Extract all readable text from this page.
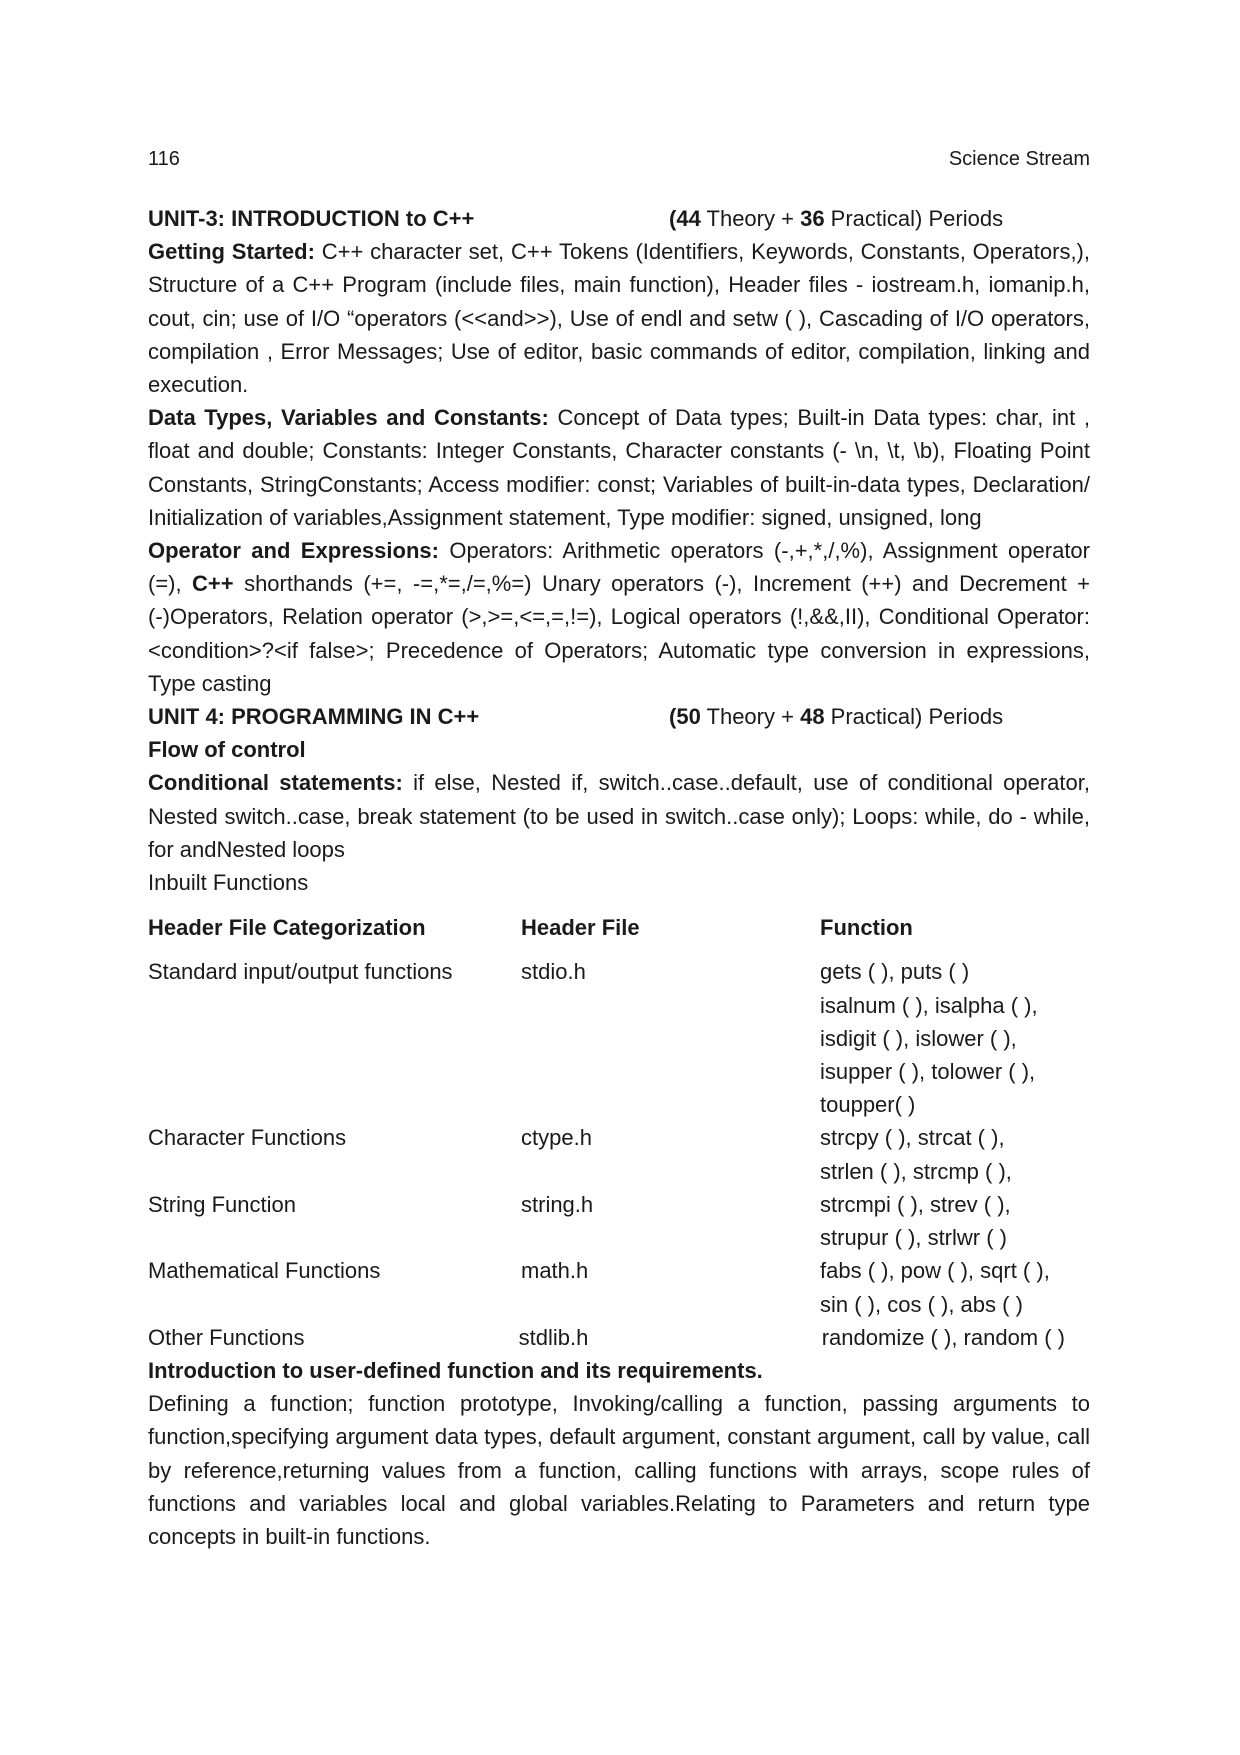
116	Science Stream
UNIT-3: INTRODUCTION to C++	(44 Theory + 36 Practical) Periods

Getting Started: C++ character set, C++ Tokens (Identifiers, Keywords, Constants, Operators,), Structure of a C++ Program (include files, main function), Header files - iostream.h, iomanip.h, cout, cin; use of I/O “operators (<<and>>), Use of endl and setw ( ), Cascading of I/O operators, compilation , Error Messages; Use of editor, basic commands of editor, compilation, linking and execution.

Data Types, Variables and Constants: Concept of Data types; Built-in Data types: char, int , float and double; Constants: Integer Constants, Character constants (- \n, \t, \b), Floating Point Constants, StringConstants; Access modifier: const; Variables of built-in-data types, Declaration/ Initialization of variables,Assignment statement, Type modifier: signed, unsigned, long

Operator and Expressions: Operators: Arithmetic operators (-,+,*,/,%), Assignment operator (=), C++ shorthands (+=, -=,*=,/=,%=) Unary operators (-), Increment (++) and Decrement +(-)Operators, Relation operator (>,>=,<=,=,!=), Logical operators (!,&&,II), Conditional Operator: <condition>?<if false>; Precedence of Operators; Automatic type conversion in expressions, Type casting

UNIT 4: PROGRAMMING IN C++	(50 Theory + 48 Practical) Periods

Flow of control

Conditional statements: if else, Nested if, switch..case..default, use of conditional operator, Nested switch..case, break statement (to be used in switch..case only); Loops: while, do - while, for andNested loops

Inbuilt Functions

Header File Categorization	Header File	Function
Standard input/output functions	stdio.h	gets ( ), puts ( )
isalnum ( ), isalpha ( ),
isdigit ( ), islower ( ),
isupper ( ), tolower ( ),
toupper( )
Character Functions	ctype.h	strcpy ( ), strcat ( ),
strlen ( ), strcmp ( ),
String Function	string.h	strcmpi ( ), strev ( ),
strupur ( ), strlwr ( )
Mathematical Functions	math.h	fabs ( ), pow ( ), sqrt ( ),
sin ( ), cos ( ), abs ( )
Other Functions	stdlib.h	randomize ( ), random ( )

Introduction to user-defined function and its requirements.

Defining a function; function prototype, Invoking/calling a function, passing arguments to function,specifying argument data types, default argument, constant argument, call by value, call by reference,returning values from a function, calling functions with arrays, scope rules of functions and variables local and global variables.Relating to Parameters and return type concepts in built-in functions.
